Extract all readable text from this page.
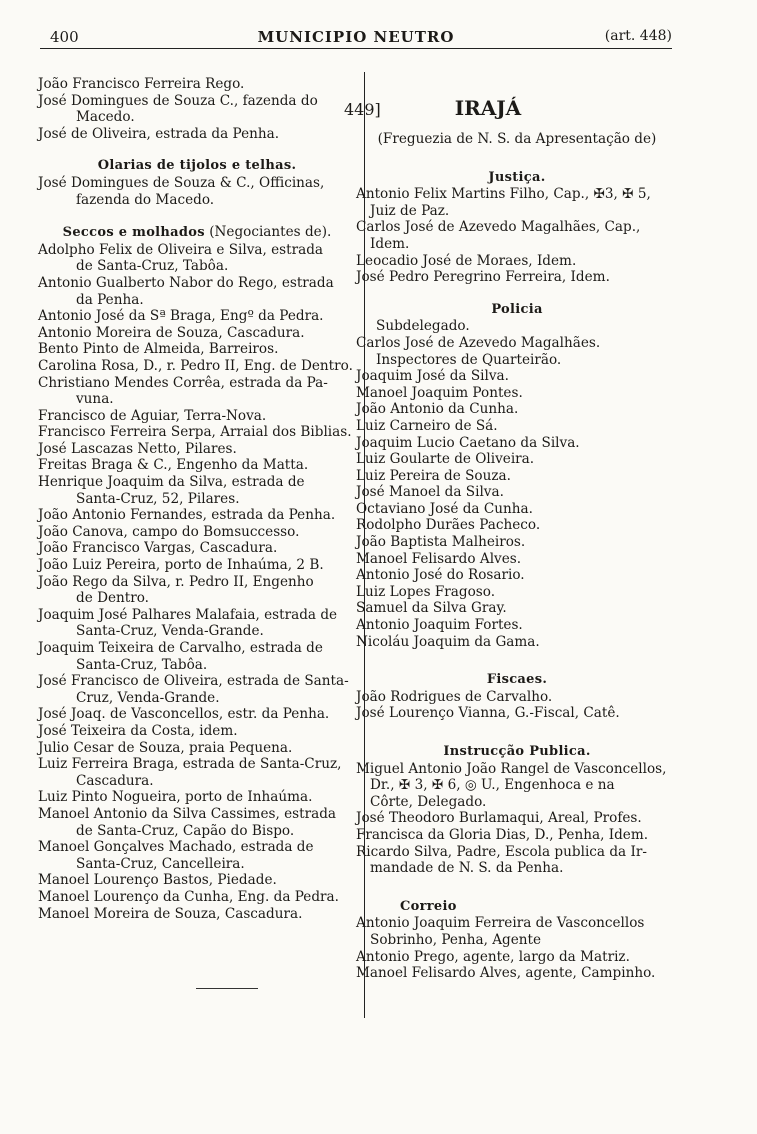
400	MUNICIPIO NEUTRO	(art. 448)
João Francisco Ferreira Rego.
José Domingues de Souza C., fazenda do
Macedo.
José de Oliveira, estrada da Penha.
Olarias de tijolos e telhas.
José Domingues de Souza & C., Officinas,
fazenda do Macedo.
Seccos e molhados (Negociantes de).
Adolpho Felix de Oliveira e Silva, estrada
de Santa-Cruz, Tabôa.
Antonio Gualberto Nabor do Rego, estrada
da Penha.
Antonio José da Sª Braga, Engº da Pedra.
Antonio Moreira de Souza, Cascadura.
Bento Pinto de Almeida, Barreiros.
Carolina Rosa, D., r. Pedro II, Eng. de Dentro.
Christiano Mendes Corrêa, estrada da Pa-
vuna.
Francisco de Aguiar, Terra-Nova.
Francisco Ferreira Serpa, Arraial dos Biblias.
José Lascazas Netto, Pilares.
Freitas Braga & C., Engenho da Matta.
Henrique Joaquim da Silva, estrada de
Santa-Cruz, 52, Pilares.
João Antonio Fernandes, estrada da Penha.
João Canova, campo do Bomsuccesso.
João Francisco Vargas, Cascadura.
João Luiz Pereira, porto de Inhaúma, 2 B.
João Rego da Silva, r. Pedro II, Engenho
de Dentro.
Joaquim José Palhares Malafaia, estrada de
Santa-Cruz, Venda-Grande.
Joaquim Teixeira de Carvalho, estrada de
Santa-Cruz, Tabôa.
José Francisco de Oliveira, estrada de Santa-
Cruz, Venda-Grande.
José Joaq. de Vasconcellos, estr. da Penha.
José Teixeira da Costa, idem.
Julio Cesar de Souza, praia Pequena.
Luiz Ferreira Braga, estrada de Santa-Cruz,
Cascadura.
Luiz Pinto Nogueira, porto de Inhaúma.
Manoel Antonio da Silva Cassimes, estrada
de Santa-Cruz, Capão do Bispo.
Manoel Gonçalves Machado, estrada de
Santa-Cruz, Cancelleira.
Manoel Lourenço Bastos, Piedade.
Manoel Lourenço da Cunha, Eng. da Pedra.
Manoel Moreira de Souza, Cascadura.
449]	IRAJÁ
(Freguezia de N. S. da Apresentação de)
Justiça.
Antonio Felix Martins Filho, Cap., ✠3, ✠ 5,
Juiz de Paz.
Carlos José de Azevedo Magalhães, Cap.,
Idem.
Leocadio José de Moraes, Idem.
José Pedro Peregrino Ferreira, Idem.
Policia
Subdelegado.
Carlos José de Azevedo Magalhães.
Inspectores de Quarteirão.
Joaquim José da Silva.
Manoel Joaquim Pontes.
João Antonio da Cunha.
Luiz Carneiro de Sá.
Joaquim Lucio Caetano da Silva.
Luiz Goularte de Oliveira.
Luiz Pereira de Souza.
José Manoel da Silva.
Octaviano José da Cunha.
Rodolpho Durães Pacheco.
João Baptista Malheiros.
Manoel Felisardo Alves.
Antonio José do Rosario.
Luiz Lopes Fragoso.
Samuel da Silva Gray.
Antonio Joaquim Fortes.
Nicoláu Joaquim da Gama.
Fiscaes.
João Rodrigues de Carvalho.
José Lourenço Vianna, G.-Fiscal, Catê.
Instrucção Publica.
Miguel Antonio João Rangel de Vasconcellos,
Dr., ✠ 3, ✠ 6, ◎ U., Engenhoca e na
Côrte, Delegado.
José Theodoro Burlamaqui, Areal, Profes.
Francisca da Gloria Dias, D., Penha, Idem.
Ricardo Silva, Padre, Escola publica da Ir-
mandade de N. S. da Penha.
Correio
Antonio Joaquim Ferreira de Vasconcellos
Sobrinho, Penha, Agente
Antonio Prego, agente, largo da Matriz.
Manoel Felisardo Alves, agente, Campinho.
